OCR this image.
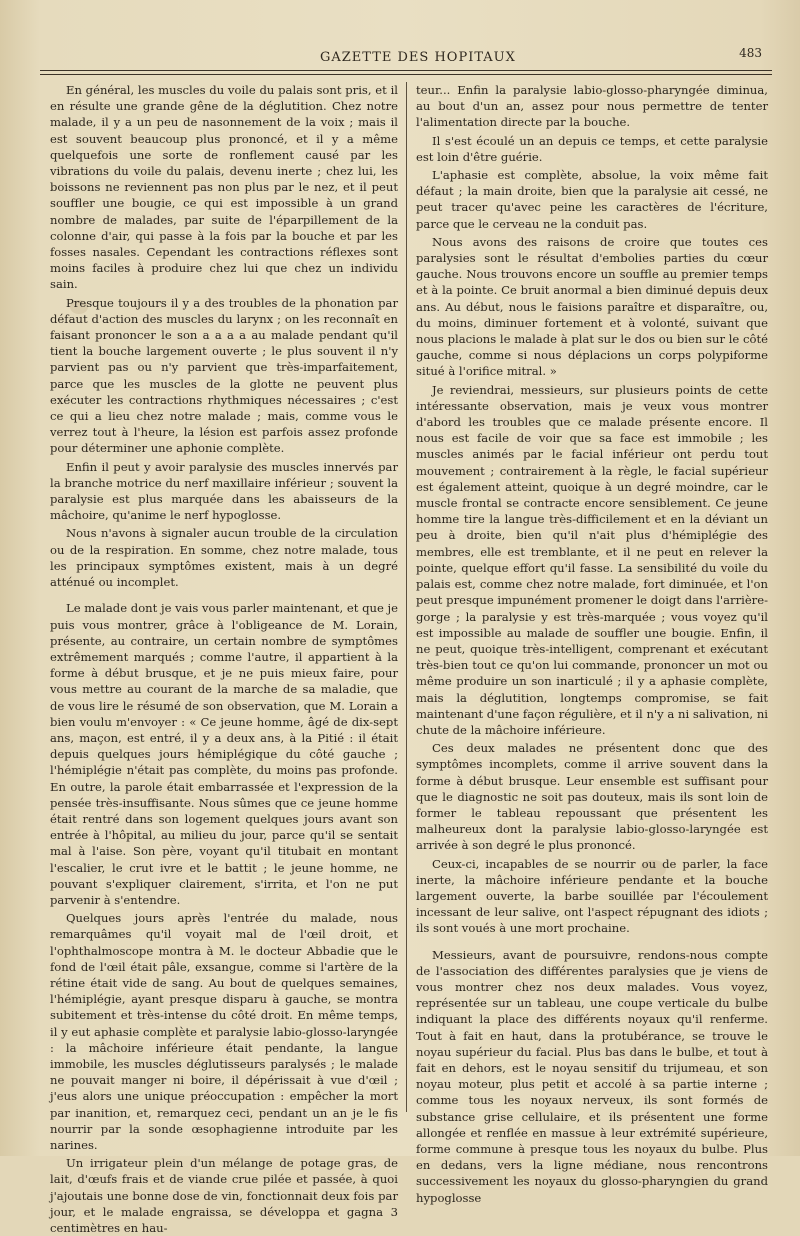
GAZETTE DES HOPITAUX	483

En général, les muscles du voile du palais sont pris, et il en résulte une grande gêne de la déglutition. Chez notre malade, il y a un peu de nasonnement de la voix ; mais il est souvent beaucoup plus prononcé, et il y a même quelquefois une sorte de ronflement causé par les vibrations du voile du palais, devenu inerte ; chez lui, les boissons ne reviennent pas non plus par le nez, et il peut souffler une bougie, ce qui est impossible à un grand nombre de malades, par suite de l'éparpillement de la colonne d'air, qui passe à la fois par la bouche et par les fosses nasales. Cependant les contractions réflexes sont moins faciles à produire chez lui que chez un individu sain.

Presque toujours il y a des troubles de la phonation par défaut d'action des muscles du larynx ; on les reconnaît en faisant prononcer le son a a a a au malade pendant qu'il tient la bouche largement ouverte ; le plus souvent il n'y parvient pas ou n'y parvient que très-imparfaitement, parce que les muscles de la glotte ne peuvent plus exécuter les contractions rhythmiques nécessaires ; c'est ce qui a lieu chez notre malade ; mais, comme vous le verrez tout à l'heure, la lésion est parfois assez profonde pour déterminer une aphonie complète.

Enfin il peut y avoir paralysie des muscles innervés par la branche motrice du nerf maxillaire inférieur ; souvent la paralysie est plus marquée dans les abaisseurs de la mâchoire, qu'anime le nerf hypoglosse.

Nous n'avons à signaler aucun trouble de la circulation ou de la respiration. En somme, chez notre malade, tous les principaux symptômes existent, mais à un degré atténué ou incomplet.

Le malade dont je vais vous parler maintenant, et que je puis vous montrer, grâce à l'obligeance de M. Lorain, présente, au contraire, un certain nombre de symptômes extrêmement marqués ; comme l'autre, il appartient à la forme à début brusque, et je ne puis mieux faire, pour vous mettre au courant de la marche de sa maladie, que de vous lire le résumé de son observation, que M. Lorain a bien voulu m'envoyer : « Ce jeune homme, âgé de dix-sept ans, maçon, est entré, il y a deux ans, à la Pitié : il était depuis quelques jours hémiplégique du côté gauche ; l'hémiplégie n'était pas complète, du moins pas profonde. En outre, la parole était embarrassée et l'expression de la pensée très-insuffisante. Nous sûmes que ce jeune homme était rentré dans son logement quelques jours avant son entrée à l'hôpital, au milieu du jour, parce qu'il se sentait mal à l'aise. Son père, voyant qu'il titubait en montant l'escalier, le crut ivre et le battit ; le jeune homme, ne pouvant s'expliquer clairement, s'irrita, et l'on ne put parvenir à s'entendre.

Quelques jours après l'entrée du malade, nous remarquâmes qu'il voyait mal de l'œil droit, et l'ophthalmoscope montra à M. le docteur Abbadie que le fond de l'œil était pâle, exsangue, comme si l'artère de la rétine était vide de sang. Au bout de quelques semaines, l'hémiplégie, ayant presque disparu à gauche, se montra subitement et très-intense du côté droit. En même temps, il y eut aphasie complète et paralysie labio-glosso-laryngée : la mâchoire inférieure était pendante, la langue immobile, les muscles déglutisseurs paralysés ; le malade ne pouvait manger ni boire, il dépérissait à vue d'œil ; j'eus alors une unique préoccupation : empêcher la mort par inanition, et, remarquez ceci, pendant un an je le fis nourrir par la sonde œsophagienne introduite par les narines.

Un irrigateur plein d'un mélange de potage gras, de lait, d'œufs frais et de viande crue pilée et passée, à quoi j'ajoutais une bonne dose de vin, fonctionnait deux fois par jour, et le malade engraissa, se développa et gagna 3 centimètres en hau-

teur... Enfin la paralysie labio-glosso-pharyngée diminua, au bout d'un an, assez pour nous permettre de tenter l'alimentation directe par la bouche.

Il s'est écoulé un an depuis ce temps, et cette paralysie est loin d'être guérie.

L'aphasie est complète, absolue, la voix même fait défaut ; la main droite, bien que la paralysie ait cessé, ne peut tracer qu'avec peine les caractères de l'écriture, parce que le cerveau ne la conduit pas.

Nous avons des raisons de croire que toutes ces paralysies sont le résultat d'embolies parties du cœur gauche. Nous trouvons encore un souffle au premier temps et à la pointe. Ce bruit anormal a bien diminué depuis deux ans. Au début, nous le faisions paraître et disparaître, ou, du moins, diminuer fortement et à volonté, suivant que nous placions le malade à plat sur le dos ou bien sur le côté gauche, comme si nous déplacions un corps polypiforme situé à l'orifice mitral. »

Je reviendrai, messieurs, sur plusieurs points de cette intéressante observation, mais je veux vous montrer d'abord les troubles que ce malade présente encore. Il nous est facile de voir que sa face est immobile ; les muscles animés par le facial inférieur ont perdu tout mouvement ; contrairement à la règle, le facial supérieur est également atteint, quoique à un degré moindre, car le muscle frontal se contracte encore sensiblement. Ce jeune homme tire la langue très-difficilement et en la déviant un peu à droite, bien qu'il n'ait plus d'hémiplégie des membres, elle est tremblante, et il ne peut en relever la pointe, quelque effort qu'il fasse. La sensibilité du voile du palais est, comme chez notre malade, fort diminuée, et l'on peut presque impunément promener le doigt dans l'arrière-gorge ; la paralysie y est très-marquée ; vous voyez qu'il est impossible au malade de souffler une bougie. Enfin, il ne peut, quoique très-intelligent, comprenant et exécutant très-bien tout ce qu'on lui commande, prononcer un mot ou même produire un son inarticulé ; il y a aphasie complète, mais la déglutition, longtemps compromise, se fait maintenant d'une façon régulière, et il n'y a ni salivation, ni chute de la mâchoire inférieure.

Ces deux malades ne présentent donc que des symptômes incomplets, comme il arrive souvent dans la forme à début brusque. Leur ensemble est suffisant pour que le diagnostic ne soit pas douteux, mais ils sont loin de former le tableau repoussant que présentent les malheureux dont la paralysie labio-glosso-laryngée est arrivée à son degré le plus prononcé.

Ceux-ci, incapables de se nourrir ou de parler, la face inerte, la mâchoire inférieure pendante et la bouche largement ouverte, la barbe souillée par l'écoulement incessant de leur salive, ont l'aspect répugnant des idiots ; ils sont voués à une mort prochaine.

Messieurs, avant de poursuivre, rendons-nous compte de l'association des différentes paralysies que je viens de vous montrer chez nos deux malades. Vous voyez, représentée sur un tableau, une coupe verticale du bulbe indiquant la place des différents noyaux qu'il renferme. Tout à fait en haut, dans la protubérance, se trouve le noyau supérieur du facial. Plus bas dans le bulbe, et tout à fait en dehors, est le noyau sensitif du trijumeau, et son noyau moteur, plus petit et accolé à sa partie interne ; comme tous les noyaux nerveux, ils sont formés de substance grise cellulaire, et ils présentent une forme allongée et renflée en massue à leur extrémité supérieure, forme commune à presque tous les noyaux du bulbe. Plus en dedans, vers la ligne médiane, nous rencontrons successivement les noyaux du glosso-pharyngien du grand hypoglosse
